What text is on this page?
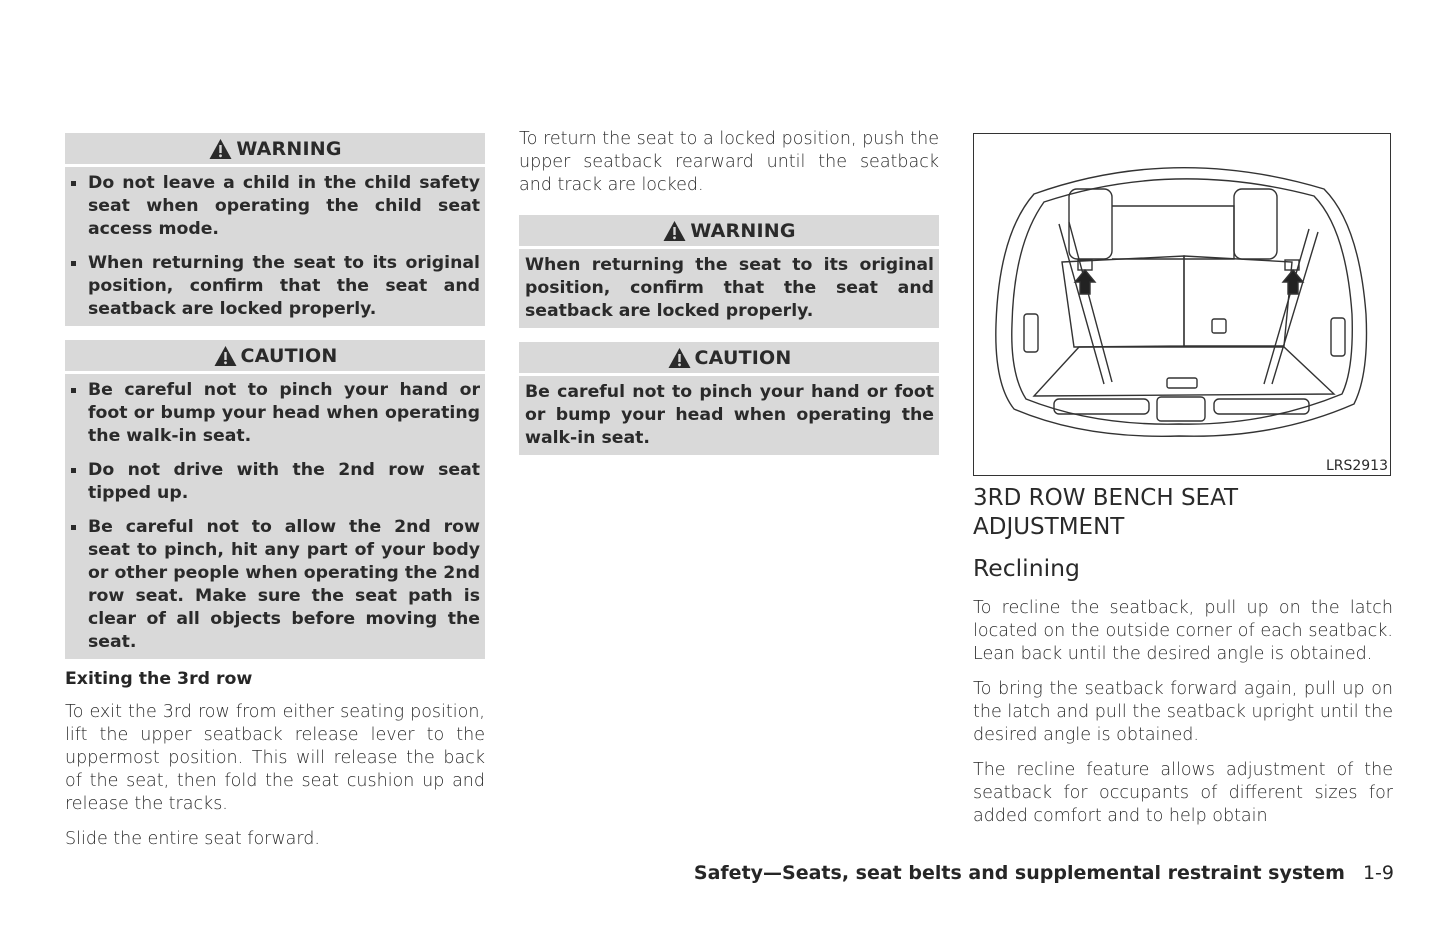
WARNING
Do not leave a child in the child safety seat when operating the child seat access mode.
When returning the seat to its original position, confirm that the seat and seatback are locked properly.
CAUTION
Be careful not to pinch your hand or foot or bump your head when operating the walk-in seat.
Do not drive with the 2nd row seat tipped up.
Be careful not to allow the 2nd row seat to pinch, hit any part of your body or other people when operating the 2nd row seat. Make sure the seat path is clear of all objects before moving the seat.
Exiting the 3rd row

To exit the 3rd row from either seating position, lift the upper seatback release lever to the uppermost position. This will release the back of the seat, then fold the seat cushion up and release the tracks.

Slide the entire seat forward.

To return the seat to a locked position, push the upper seatback rearward until the seatback and track are locked.

WARNING
When returning the seat to its original position, confirm that the seat and seatback are locked properly.
CAUTION
Be careful not to pinch your hand or foot or bump your head when operating the walk-in seat.
LRS2913
3RD ROW BENCH SEAT
ADJUSTMENT
Reclining

To recline the seatback, pull up on the latch located on the outside corner of each seatback. Lean back until the desired angle is obtained.

To bring the seatback forward again, pull up on the latch and pull the seatback upright until the desired angle is obtained.

The recline feature allows adjustment of the seatback for occupants of different sizes for added comfort and to help obtain

Safety—Seats, seat belts and supplemental restraint system 1-9
